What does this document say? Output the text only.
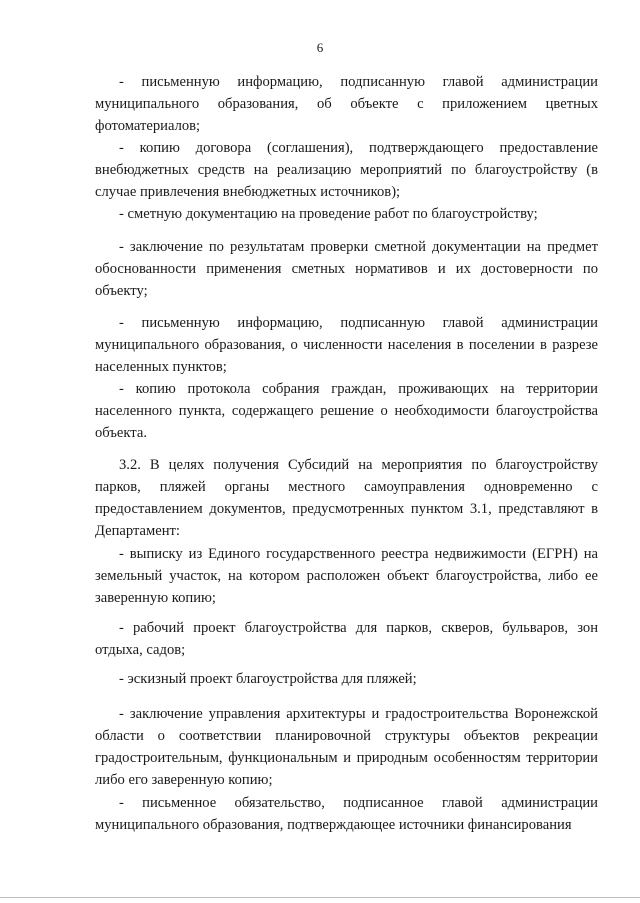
6

- письменную информацию, подписанную главой администрации муниципального образования, об объекте с приложением цветных фотоматериалов;

- копию договора (соглашения), подтверждающего предоставление внебюджетных средств на реализацию мероприятий по благоустройству (в случае привлечения внебюджетных источников);

- сметную документацию на проведение работ по благоустройству;

- заключение по результатам проверки сметной документации на предмет обоснованности применения сметных нормативов и их достоверности по объекту;

- письменную информацию, подписанную главой администрации муниципального образования, о численности населения в поселении в разрезе населенных пунктов;

- копию протокола собрания граждан, проживающих на территории населенного пункта, содержащего решение о необходимости благоустройства объекта.

3.2. В целях получения Субсидий на мероприятия по благоустройству парков, пляжей органы местного самоуправления одновременно с предоставлением документов, предусмотренных пунктом 3.1, представляют в Департамент:

- выписку из Единого государственного реестра недвижимости (ЕГРН) на земельный участок, на котором расположен объект благоустройства, либо ее заверенную копию;

- рабочий проект благоустройства для парков, скверов, бульваров, зон отдыха, садов;

- эскизный проект благоустройства для пляжей;

- заключение управления архитектуры и градостроительства Воронежской области о соответствии планировочной структуры объектов рекреации градостроительным, функциональным и природным особенностям территории либо его заверенную копию;

- письменное обязательство, подписанное главой администрации муниципального образования, подтверждающее источники финансирования
